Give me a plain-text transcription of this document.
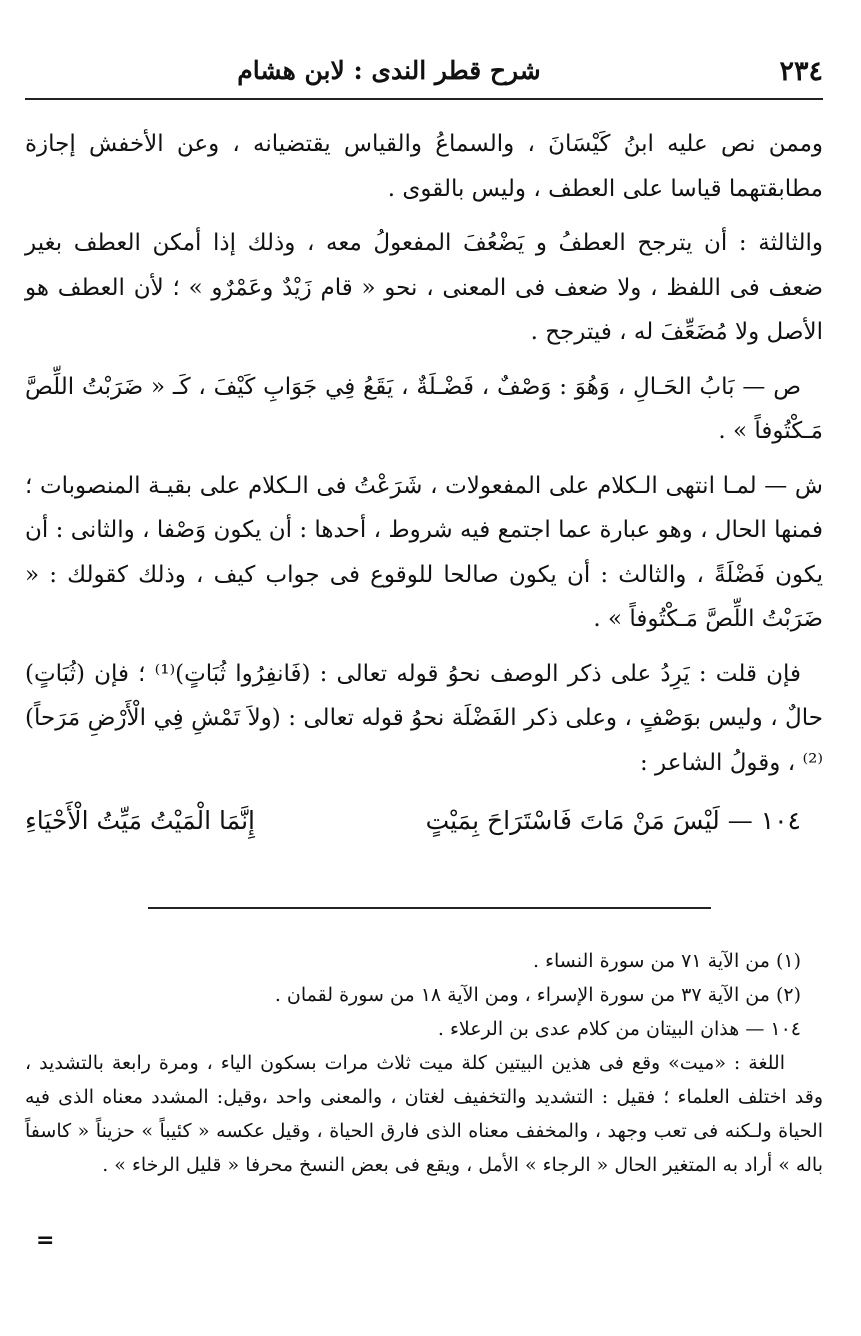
شرح قطر الندى : لابن هشام	٢٣٤

وممن نص عليه ابنُ كَيْسَانَ ، والسماعُ والقياس يقتضيانه ، وعن الأخفش إجازة مطابقتهما قياسا على العطف ، وليس بالقوى .

والثالثة : أن يترجح العطفُ و يَضْعُفَ المفعولُ معه ، وذلك إذا أمكن العطف بغير ضعف فى اللفظ ، ولا ضعف فى المعنى ، نحو « قام زَيْدٌ وعَمْرٌو » ؛ لأن العطف هو الأصل ولا مُضَعِّفَ له ، فيترجح .

ص — بَابُ الحَـالِ ، وَهُوَ : وَصْفٌ ، فَضْـلَةٌ ، يَقَعُ فِي جَوَابِ كَيْفَ ، كَـ « ضَرَبْتُ اللِّصَّ مَـكْتُوفاً » .

ش — لمـا انتهى الـكلام على المفعولات ، شَرَعْتُ فى الـكلام على بقيـة المنصوبات ؛ فمنها الحال ، وهو عبارة عما اجتمع فيه شروط ، أحدها : أن يكون وَصْفا ، والثانى : أن يكون فَضْلَةً ، والثالث : أن يكون صالحا للوقوع فى جواب كيف ، وذلك كقولك : « ضَرَبْتُ اللِّصَّ مَـكْتُوفاً » .

فإن قلت : يَرِدُ على ذكر الوصف نحوُ قوله تعالى : (فَانفِرُوا ثُبَاتٍ)⁽¹⁾ ؛ فإن (ثُبَاتٍ) حالٌ ، وليس بوَصْفٍ ، وعلى ذكر الفَضْلَة نحوُ قوله تعالى : (ولاَ تَمْشِ فِي الْأَرْضِ مَرَحاً)⁽²⁾ ، وقولُ الشاعر :

١٠٤ — لَيْسَ مَنْ مَاتَ فَاسْتَرَاحَ بِمَيْتٍ
إِنَّمَا الْمَيْتُ مَيِّتُ الْأَحْيَاءِ

(١) من الآية ٧١ من سورة النساء .

(٢) من الآية ٣٧ من سورة الإسراء ، ومن الآية ١٨ من سورة لقمان .

١٠٤ — هذان البيتان من كلام عدى بن الرعلاء .

اللغة : «ميت» وقع فى هذين البيتين كلة ميت ثلاث مرات بسكون الياء ، ومرة رابعة بالتشديد ، وقد اختلف العلماء ؛ فقيل : التشديد والتخفيف لغتان ، والمعنى واحد ،وقيل: المشدد معناه الذى فيه الحياة ولـكنه فى تعب وجهد ، والمخفف معناه الذى فارق الحياة ، وقيل عكسه « كئيباً » حزيناً « كاسفاً باله » أراد به المتغير الحال « الرجاء » الأمل ، ويقع فى بعض النسخ محرفا « قليل الرخاء » .

=
